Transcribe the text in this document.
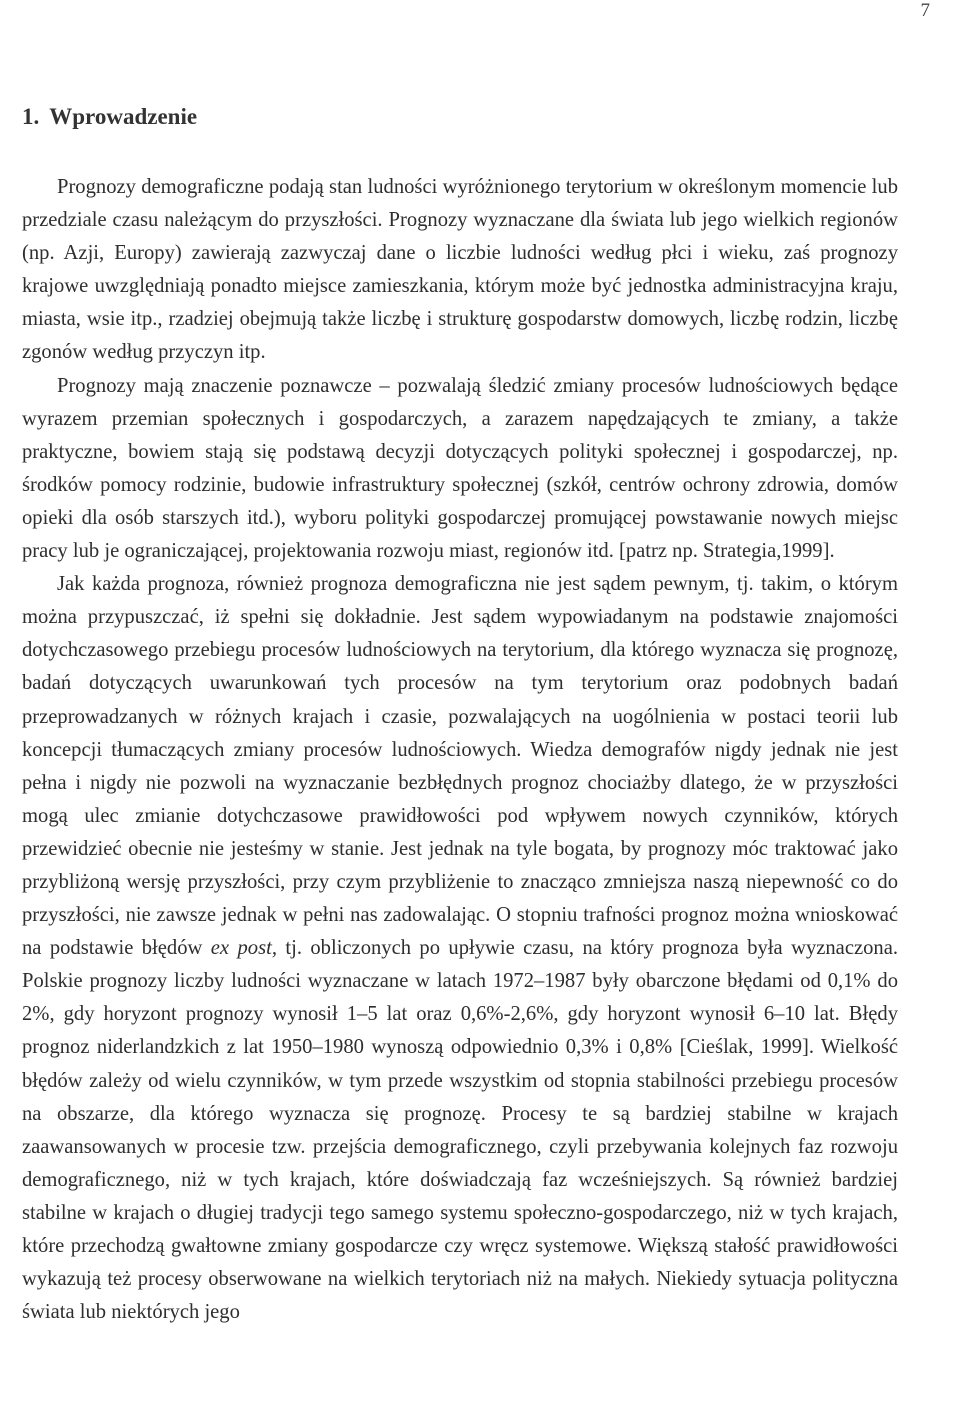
7
1. Wprowadzenie

Prognozy demograficzne podają stan ludności wyróżnionego terytorium w określonym momencie lub przedziale czasu należącym do przyszłości. Prognozy wyznaczane dla świata lub jego wielkich regionów (np. Azji, Europy) zawierają zazwyczaj dane o liczbie ludności według płci i wieku, zaś prognozy krajowe uwzględniają ponadto miejsce zamieszkania, którym może być jednostka administracyjna kraju, miasta, wsie itp., rzadziej obejmują także liczbę i strukturę gospodarstw domowych, liczbę rodzin, liczbę zgonów według przyczyn itp.

Prognozy mają znaczenie poznawcze – pozwalają śledzić zmiany procesów ludnościowych będące wyrazem przemian społecznych i gospodarczych, a zarazem napędzających te zmiany, a także praktyczne, bowiem stają się podstawą decyzji dotyczących polityki społecznej i gospodarczej, np. środków pomocy rodzinie, budowie infrastruktury społecznej (szkół, centrów ochrony zdrowia, domów opieki dla osób starszych itd.), wyboru polityki gospodarczej promującej powstawanie nowych miejsc pracy lub je ograniczającej, projektowania rozwoju miast, regionów itd. [patrz np. Strategia,1999].

Jak każda prognoza, również prognoza demograficzna nie jest sądem pewnym, tj. takim, o którym można przypuszczać, iż spełni się dokładnie. Jest sądem wypowiadanym na podstawie znajomości dotychczasowego przebiegu procesów ludnościowych na terytorium, dla którego wyznacza się prognozę, badań dotyczących uwarunkowań tych procesów na tym terytorium oraz podobnych badań przeprowadzanych w różnych krajach i czasie, pozwalających na uogólnienia w postaci teorii lub koncepcji tłumaczących zmiany procesów ludnościowych. Wiedza demografów nigdy jednak nie jest pełna i nigdy nie pozwoli na wyznaczanie bezbłędnych prognoz chociażby dlatego, że w przyszłości mogą ulec zmianie dotychczasowe prawidłowości pod wpływem nowych czynników, których przewidzieć obecnie nie jesteśmy w stanie. Jest jednak na tyle bogata, by prognozy móc traktować jako przybliżoną wersję przyszłości, przy czym przybliżenie to znacząco zmniejsza naszą niepewność co do przyszłości, nie zawsze jednak w pełni nas zadowalając. O stopniu trafności prognoz można wnioskować na podstawie błędów ex post, tj. obliczonych po upływie czasu, na który prognoza była wyznaczona. Polskie prognozy liczby ludności wyznaczane w latach 1972–1987 były obarczone błędami od 0,1% do 2%, gdy horyzont prognozy wynosił 1–5 lat oraz 0,6%-2,6%, gdy horyzont wynosił 6–10 lat. Błędy prognoz niderlandzkich z lat 1950–1980 wynoszą odpowiednio 0,3% i 0,8% [Cieślak, 1999]. Wielkość błędów zależy od wielu czynników, w tym przede wszystkim od stopnia stabilności przebiegu procesów na obszarze, dla którego wyznacza się prognozę. Procesy te są bardziej stabilne w krajach zaawansowanych w procesie tzw. przejścia demograficznego, czyli przebywania kolejnych faz rozwoju demograficznego, niż w tych krajach, które doświadczają faz wcześniejszych. Są również bardziej stabilne w krajach o długiej tradycji tego samego systemu społeczno-gospodarczego, niż w tych krajach, które przechodzą gwałtowne zmiany gospodarcze czy wręcz systemowe. Większą stałość prawidłowości wykazują też procesy obserwowane na wielkich terytoriach niż na małych. Niekiedy sytuacja polityczna świata lub niektórych jego
